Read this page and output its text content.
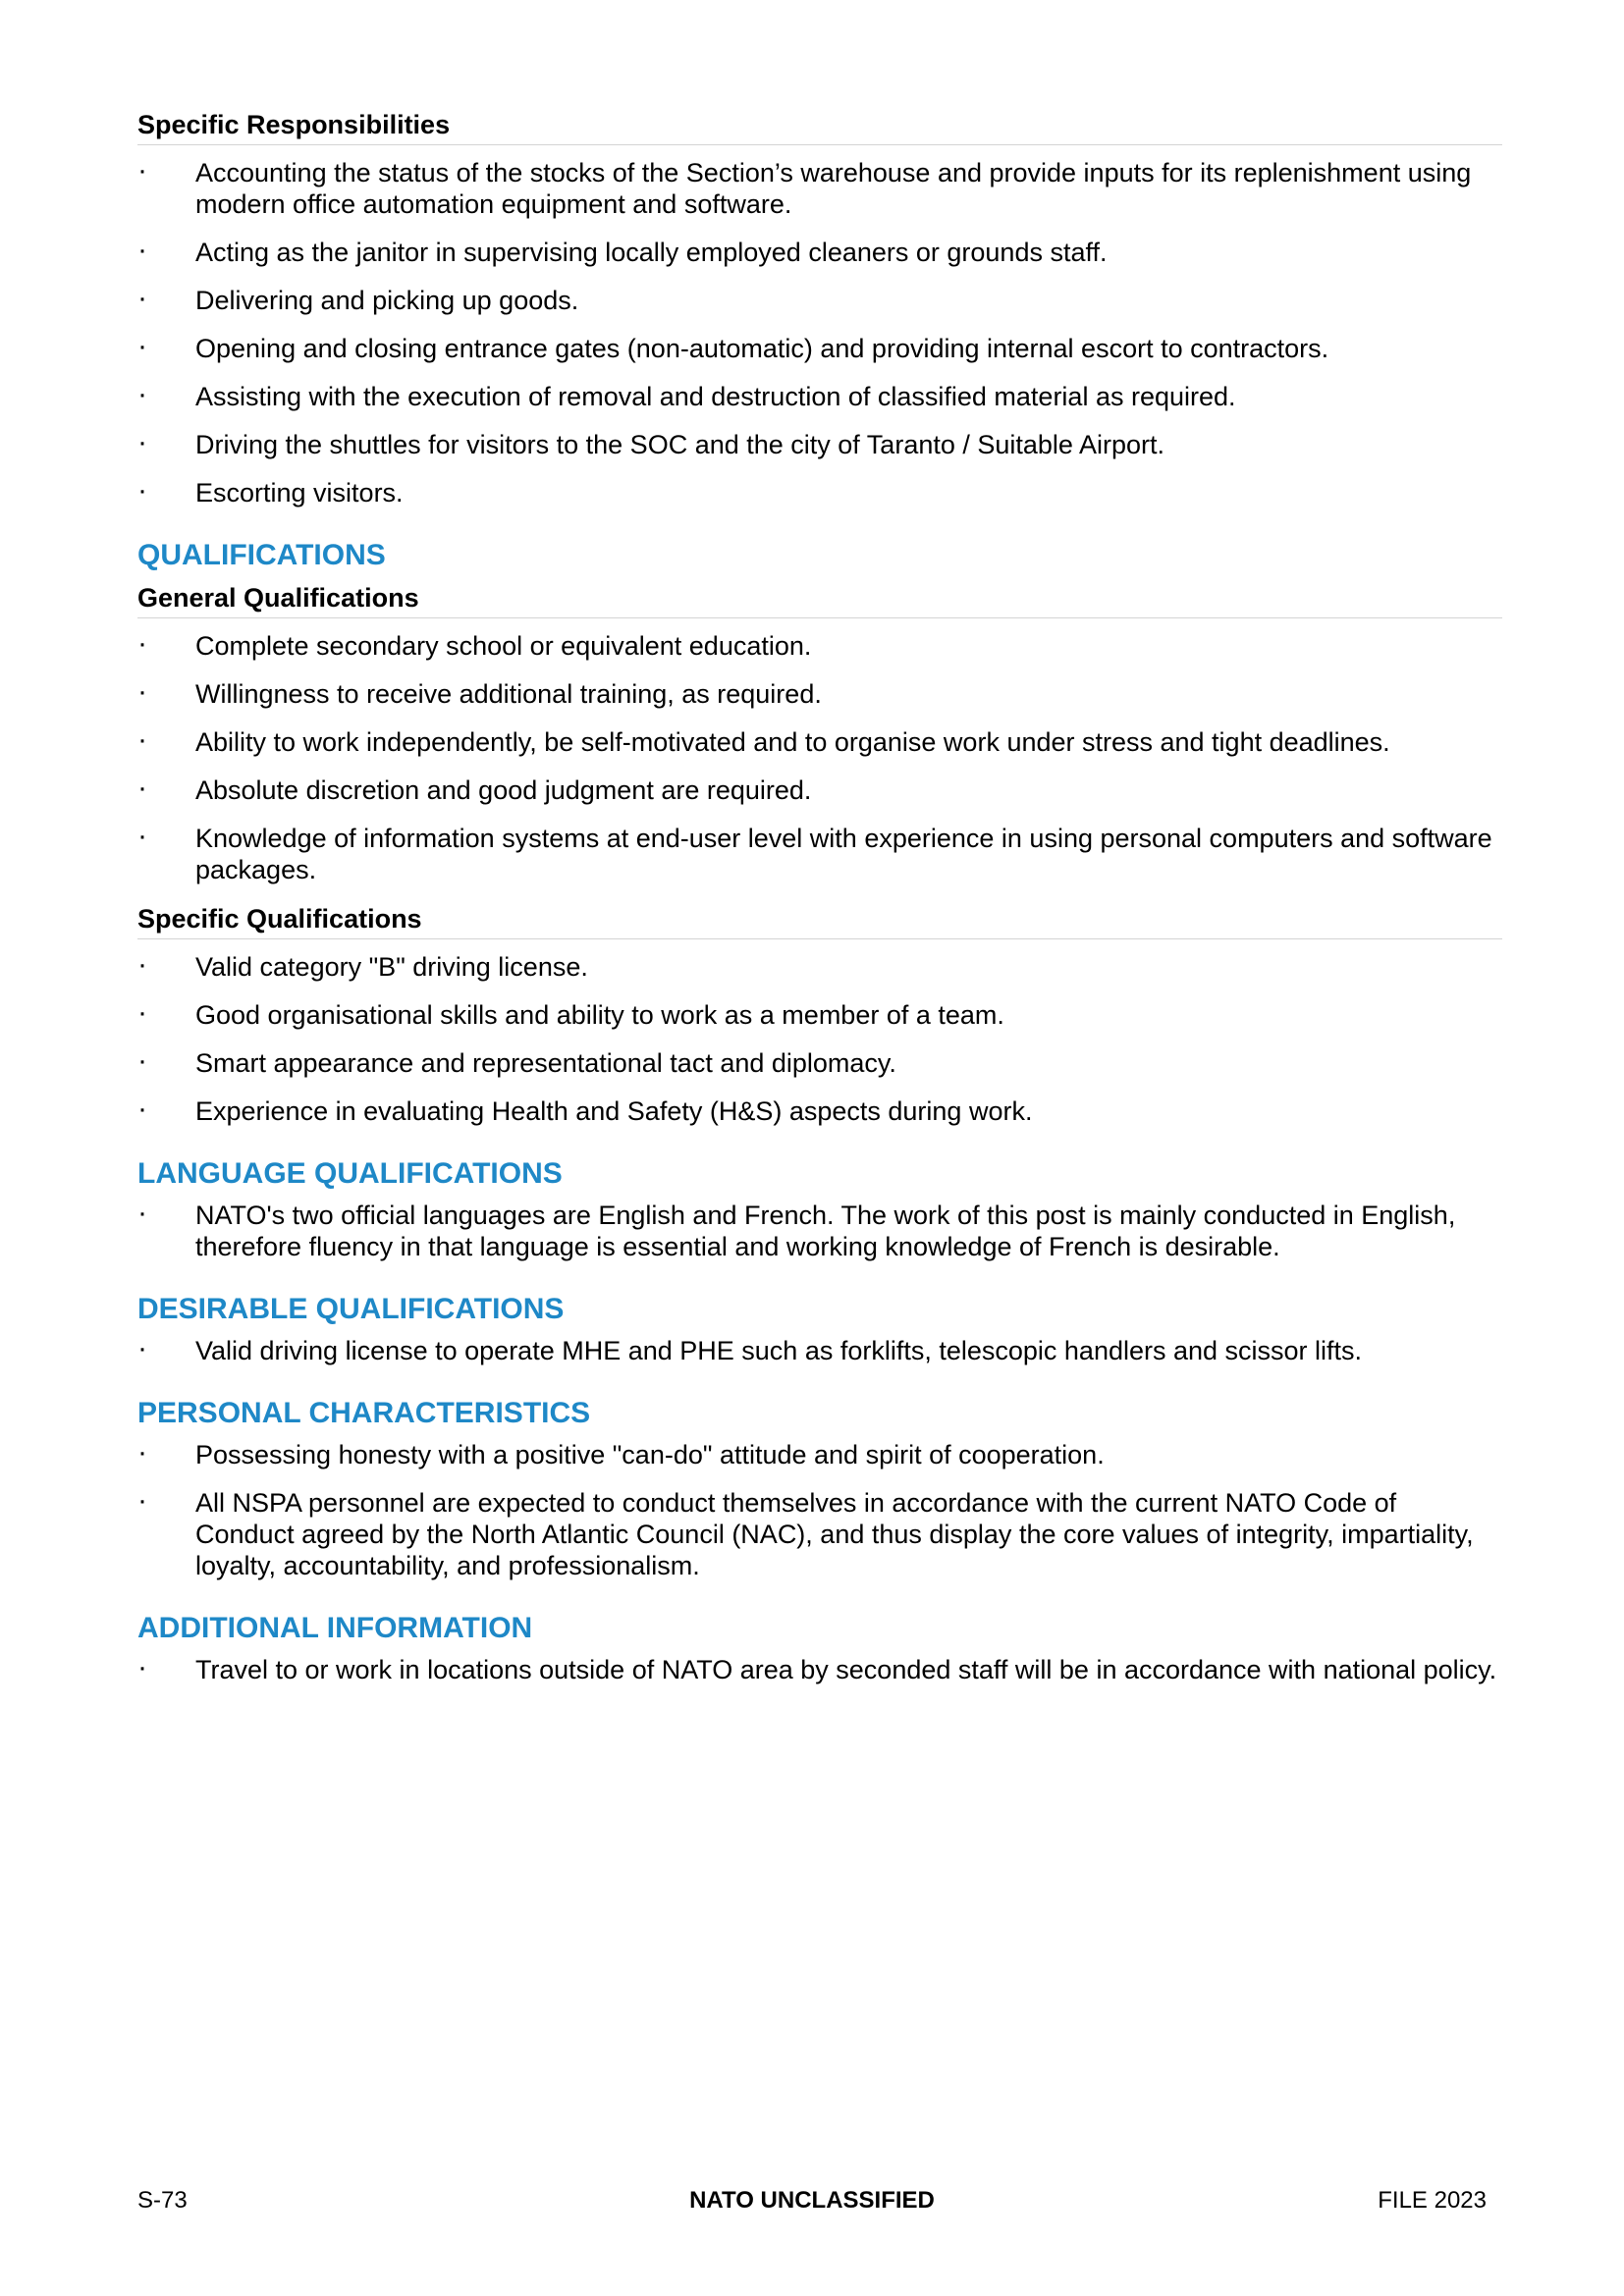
Specific Responsibilities
· Accounting the status of the stocks of the Section’s warehouse and provide inputs for its replenishment using modern office automation equipment and software.
· Acting as the janitor in supervising locally employed cleaners or grounds staff.
· Delivering and picking up goods.
· Opening and closing entrance gates (non-automatic) and providing internal escort to contractors.
· Assisting with the execution of removal and destruction of classified material as required.
· Driving the shuttles for visitors to the SOC and the city of Taranto / Suitable Airport.
· Escorting visitors.
QUALIFICATIONS
General Qualifications
· Complete secondary school or equivalent education.
· Willingness to receive additional training, as required.
· Ability to work independently, be self-motivated and to organise work under stress and tight deadlines.
· Absolute discretion and good judgment are required.
· Knowledge of information systems at end-user level with experience in using personal computers and software packages.
Specific Qualifications
· Valid category "B" driving license.
· Good organisational skills and ability to work as a member of a team.
· Smart appearance and representational tact and diplomacy.
· Experience in evaluating Health and Safety (H&S) aspects during work.
LANGUAGE QUALIFICATIONS
· NATO's two official languages are English and French. The work of this post is mainly conducted in English, therefore fluency in that language is essential and working knowledge of French is desirable.
DESIRABLE QUALIFICATIONS
· Valid driving license to operate MHE and PHE such as forklifts, telescopic handlers and scissor lifts.
PERSONAL CHARACTERISTICS
· Possessing honesty with a positive "can-do" attitude and spirit of cooperation.
· All NSPA personnel are expected to conduct themselves in accordance with the current NATO Code of Conduct agreed by the North Atlantic Council (NAC), and thus display the core values of integrity, impartiality, loyalty, accountability, and professionalism.
ADDITIONAL INFORMATION
· Travel to or work in locations outside of NATO area by seconded staff will be in accordance with national policy.
S-73	NATO UNCLASSIFIED	FILE 2023
